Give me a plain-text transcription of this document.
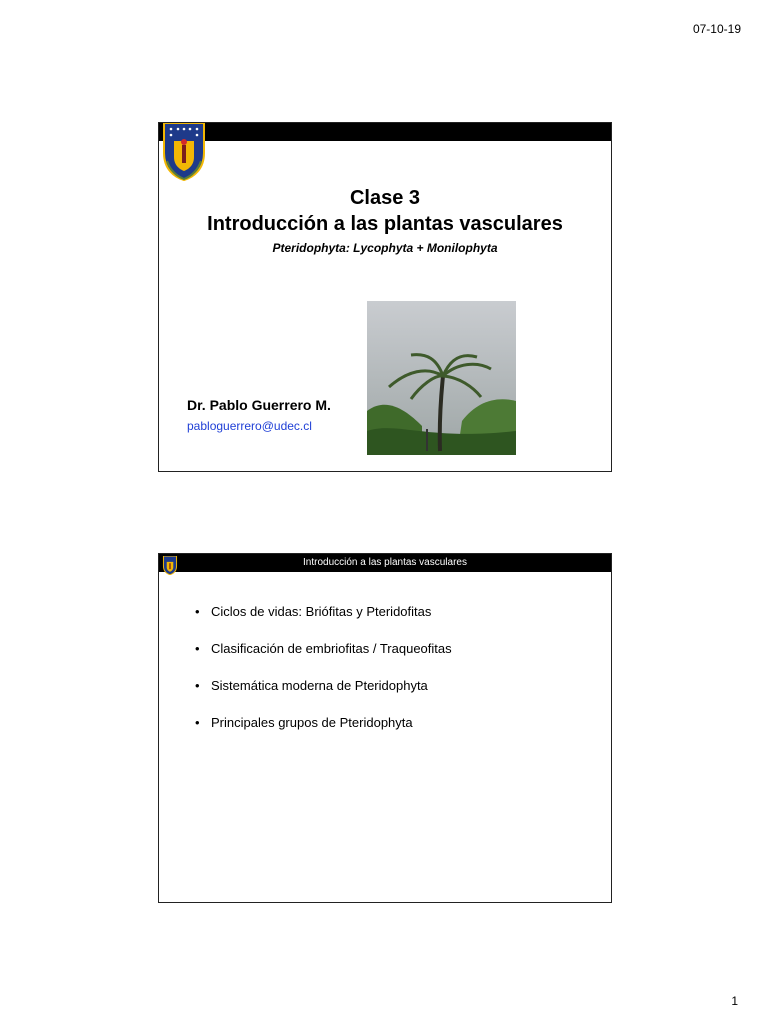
07-10-19
Clase 3
Introducción a las plantas vasculares
Pteridophyta: Lycophyta + Monilophyta
Dr. Pablo Guerrero M.
pabloguerrero@udec.cl
Introducción a las plantas vasculares
• Ciclos de vidas: Briófitas y Pteridofitas
• Clasificación de embriofitas / Traqueofitas
• Sistemática moderna de Pteridophyta
• Principales grupos de Pteridophyta
1
